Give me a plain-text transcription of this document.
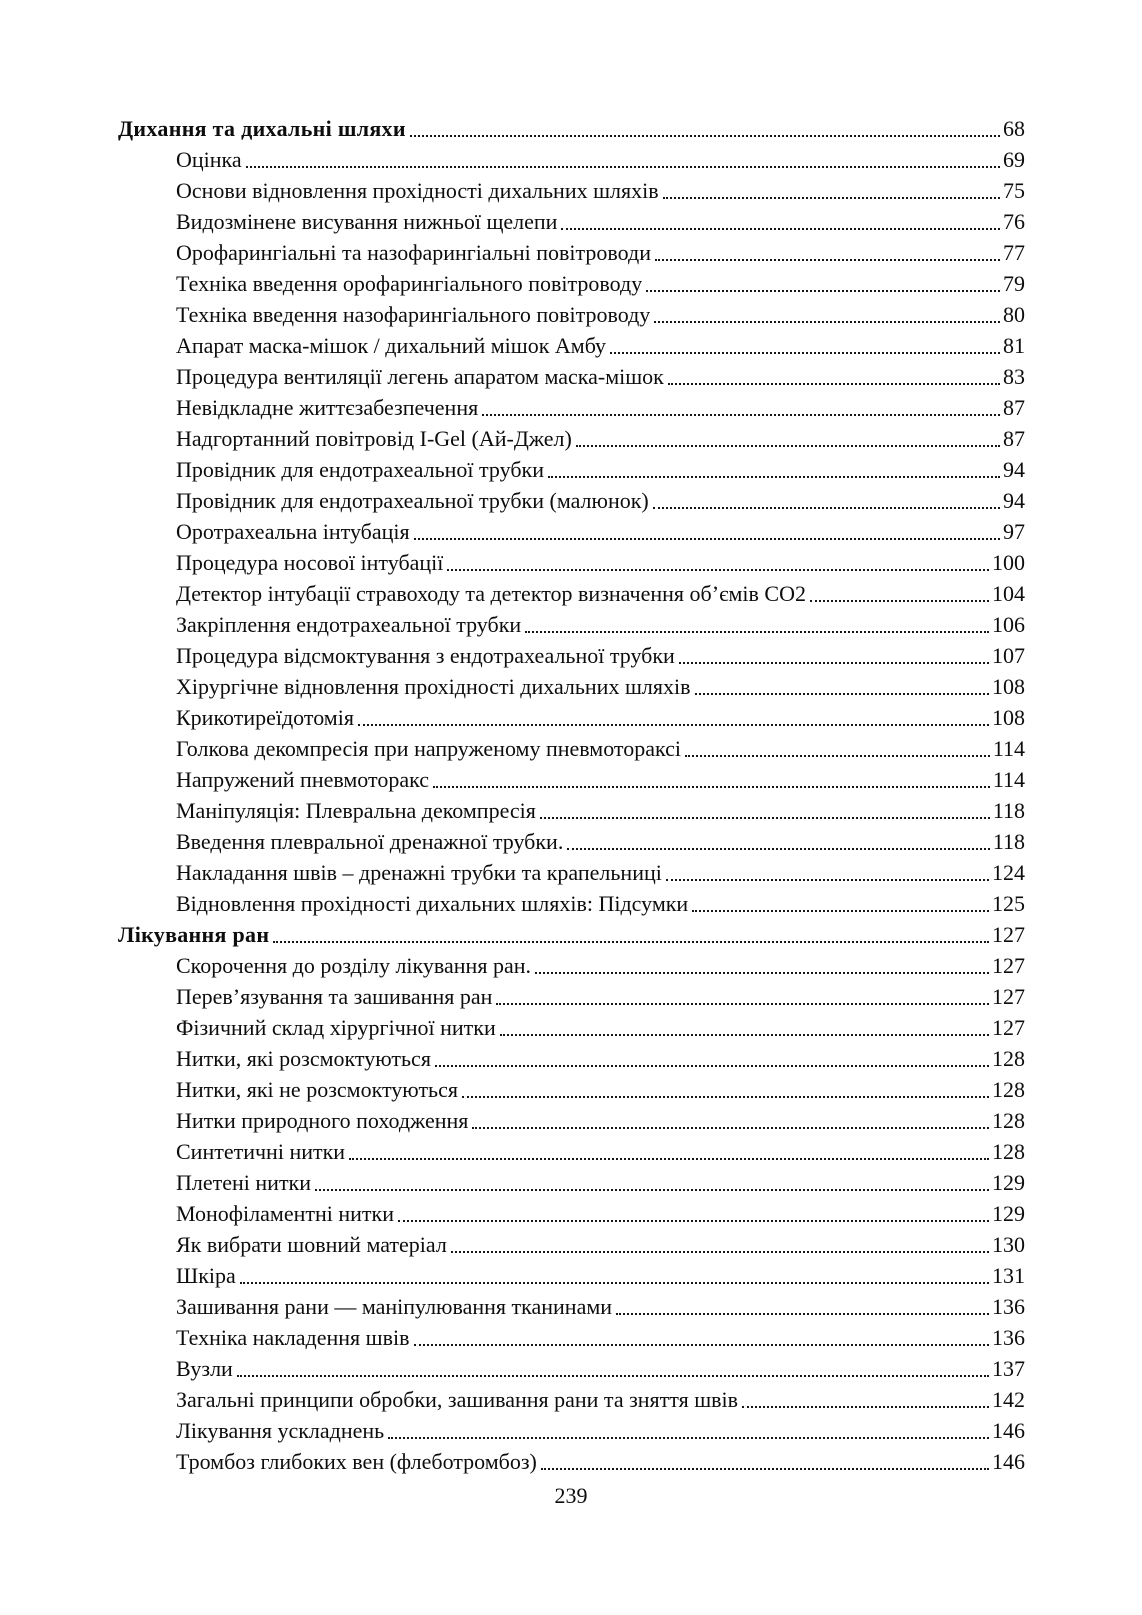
Дихання та дихальні шляхи	68
Оцінка	69
Основи відновлення прохідності дихальних шляхів	75
Видозмінене висування нижньої щелепи	76
Орофарингіальні та назофарингіальні повітроводи	77
Техніка введення орофарингіального повітроводу	79
Техніка введення назофарингіального повітроводу	80
Апарат маска-мішок / дихальний мішок Амбу	81
Процедура вентиляції легень апаратом маска-мішок	83
Невідкладне життєзабезпечення	87
Надгортанний повітровід I-Gel (Ай-Джел)	87
Провідник для ендотрахеальної трубки	94
Провідник для ендотрахеальної трубки (малюнок)	94
Оротрахеальна інтубація	97
Процедура носової інтубації	100
Детектор інтубації стравоходу та детектор визначення об’ємів СО2	104
Закріплення ендотрахеальної трубки	106
Процедура відсмоктування з ендотрахеальної трубки	107
Хірургічне відновлення прохідності дихальних шляхів	108
Крикотиреїдотомія	108
Голкова декомпресія при напруженому пневмотораксі	114
Напружений пневмоторакс	114
Маніпуляція: Плевральна декомпресія	118
Введення плевральної дренажної трубки.	118
Накладання швів – дренажні трубки та крапельниці	124
Відновлення прохідності дихальних шляхів: Підсумки	125
Лікування ран	127
Скорочення до розділу лікування ран.	127
Перев’язування та зашивання ран	127
Фізичний склад хірургічної нитки	127
Нитки, які розсмоктуються	128
Нитки, які не розсмоктуються	128
Нитки природного походження	128
Синтетичні нитки	128
Плетені нитки	129
Монофіламентні нитки	129
Як вибрати шовний матеріал	130
Шкіра	131
Зашивання рани — маніпулювання тканинами	136
Техніка накладення швів	136
Вузли	137
Загальні принципи обробки, зашивання рани та зняття швів	142
Лікування ускладнень	146
Тромбоз глибоких вен (флеботромбоз)	146
239
